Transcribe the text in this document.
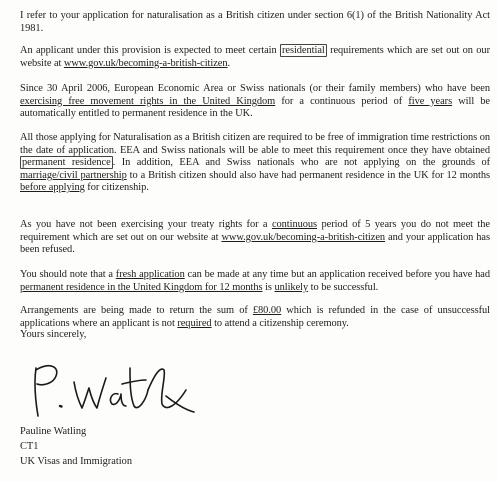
I refer to your application for naturalisation as a British citizen under section 6(1) of the British Nationality Act 1981.

An applicant under this provision is expected to meet certain residential requirements which are set out on our website at www.gov.uk/becoming-a-british-citizen.

Since 30 April 2006, European Economic Area or Swiss nationals (or their family members) who have been exercising free movement rights in the United Kingdom for a continuous period of five years will be automatically entitled to permanent residence in the UK.

All those applying for Naturalisation as a British citizen are required to be free of immigration time restrictions on the date of application. EEA and Swiss nationals will be able to meet this requirement once they have obtained permanent residence . In addition, EEA and Swiss nationals who are not applying on the grounds of marriage/civil partnership to a British citizen should also have had permanent residence in the UK for 12 months before applying for citizenship.

As you have not been exercising your treaty rights for a continuous period of 5 years you do not meet the requirement which are set out on our website at www.gov.uk/becoming-a-british-citizen and your application has been refused.

You should note that a fresh application can be made at any time but an application received before you have had permanent residence in the United Kingdom for 12 months is unlikely to be successful.

Arrangements are being made to return the sum of £80.00 which is refunded in the case of unsuccessful applications where an applicant is not required to attend a citizenship ceremony.

Yours sincerely,

Pauline Watling

CT1

UK Visas and Immigration
